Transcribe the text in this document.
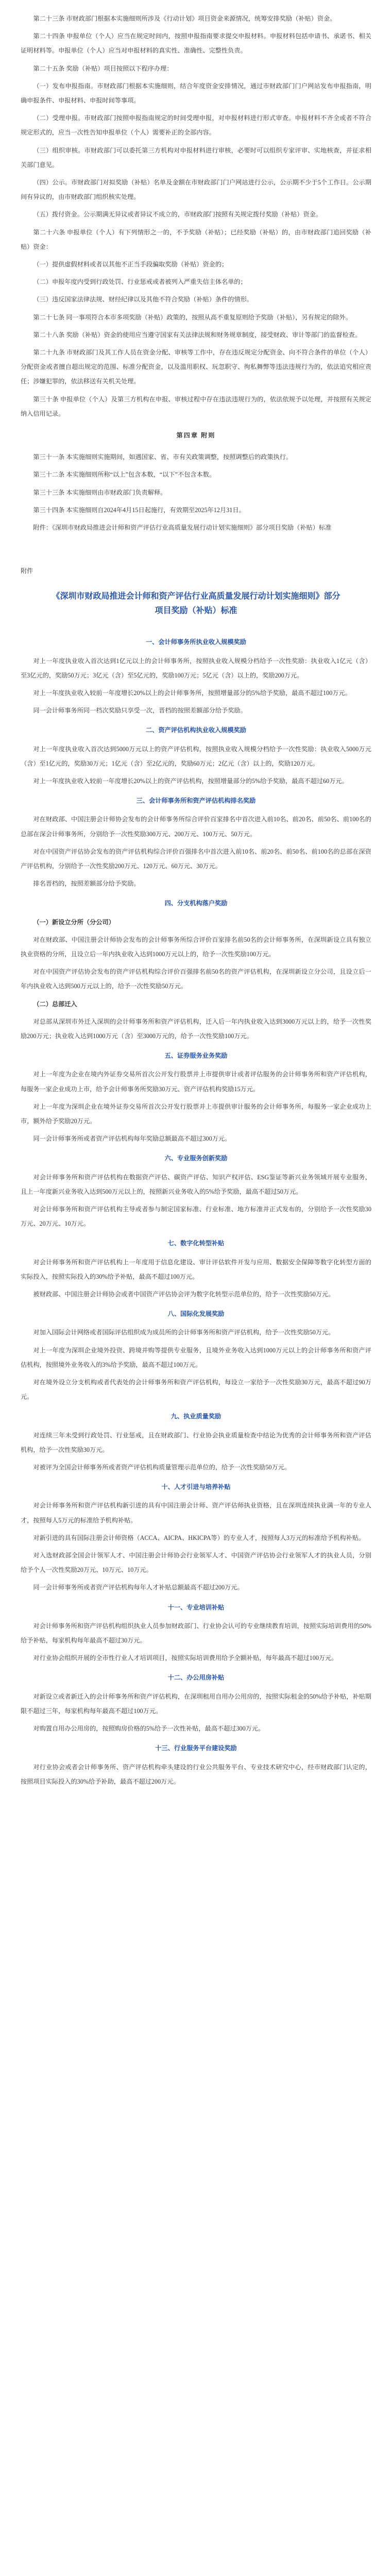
第二十三条 市财政部门根据本实施细则所涉及《行动计划》项目资金来源情况，统筹安排奖励（补贴）资金。

第二十四条 申报单位（个人）应当在规定时间内，按照申报指南要求提交申报材料。申报材料包括申请书、承诺书、相关证明材料等。申报单位（个人）应当对申报材料的真实性、准确性、完整性负责。

第二十五条 奖励（补贴）项目按照以下程序办理：

（一）发布申报指南。市财政部门根据本实施细则，结合年度资金安排情况，通过市财政部门门户网站发布申报指南，明确申报条件、申报材料、申报时间等事项。

（二）受理申报。市财政部门按照申报指南规定的时间受理申报，对申报材料进行形式审查。申报材料不齐全或者不符合规定形式的，应当一次性告知申报单位（个人）需要补正的全部内容。

（三）组织审核。市财政部门可以委托第三方机构对申报材料进行审核，必要时可以组织专家评审、实地核查，并征求相关部门意见。

（四）公示。市财政部门对拟奖励（补贴）名单及金额在市财政部门门户网站进行公示，公示期不少于5个工作日。公示期间有异议的，由市财政部门组织核实处理。

（五）拨付资金。公示期满无异议或者异议不成立的，市财政部门按照有关规定拨付奖励（补贴）资金。

第二十六条 申报单位（个人）有下列情形之一的，不予奖励（补贴）；已经奖励（补贴）的，由市财政部门追回奖励（补贴）资金：

（一）提供虚假材料或者以其他不正当手段骗取奖励（补贴）资金的；

（二）申报年度内受到行政处罚、行业惩戒或者被列入严重失信主体名单的；

（三）违反国家法律法规、财经纪律以及其他不符合奖励（补贴）条件的情形。

第二十七条 同一事项符合本市多项奖励（补贴）政策的，按照从高不重复原则给予奖励（补贴），另有规定的除外。

第二十八条 奖励（补贴）资金的使用应当遵守国家有关法律法规和财务规章制度，接受财政、审计等部门的监督检查。

第二十九条 市财政部门及其工作人员在资金分配、审核等工作中，存在违反规定分配资金、向不符合条件的单位（个人）分配资金或者擅自超出规定的范围、标准分配资金，以及滥用职权、玩忽职守、徇私舞弊等违法违规行为的，依法追究相应责任；涉嫌犯罪的，依法移送有关机关处理。

第三十条 申报单位（个人）及第三方机构在申报、审核过程中存在违法违规行为的，依法依规予以处理，并按照有关规定纳入信用记录。

第四章 附则

第三十一条 本实施细则实施期间，如遇国家、省、市有关政策调整，按照调整后的政策执行。

第三十二条 本实施细则所称“以上”包含本数，“以下”不包含本数。

第三十三条 本实施细则由市财政部门负责解释。

第三十四条 本实施细则自2024年4月15日起施行，有效期至2025年12月31日。

附件：《深圳市财政局推进会计师和资产评估行业高质量发展行动计划实施细则》部分项目奖励（补贴）标准

附件

《深圳市财政局推进会计师和资产评估行业高质量发展行动计划实施细则》部分项目奖励（补贴）标准

一、会计师事务所执业收入规模奖励

对上一年度执业收入首次达到1亿元以上的会计师事务所，按照执业收入规模分档给予一次性奖励：执业收入1亿元（含）至3亿元的，奖励50万元；3亿元（含）至5亿元的，奖励100万元；5亿元（含）以上的，奖励200万元。

对上一年度执业收入较前一年度增长20%以上的会计师事务所，按照增量部分的5%给予奖励，最高不超过100万元。

同一会计师事务所同一档次奖励只享受一次，晋档的按照差额部分给予奖励。

二、资产评估机构执业收入规模奖励

对上一年度执业收入首次达到5000万元以上的资产评估机构，按照执业收入规模分档给予一次性奖励：执业收入5000万元（含）至1亿元的，奖励30万元；1亿元（含）至2亿元的，奖励60万元；2亿元（含）以上的，奖励120万元。

对上一年度执业收入较前一年度增长20%以上的资产评估机构，按照增量部分的5%给予奖励，最高不超过60万元。

三、会计师事务所和资产评估机构排名奖励

对在财政部、中国注册会计师协会发布的会计师事务所综合评价百家排名中首次进入前10名、前20名、前50名、前100名的总部在深会计师事务所，分别给予一次性奖励300万元、200万元、100万元、50万元。

对在中国资产评估协会发布的资产评估机构综合评价百强排名中首次进入前10名、前20名、前50名、前100名的总部在深资产评估机构，分别给予一次性奖励200万元、120万元、60万元、30万元。

排名晋档的，按照差额部分给予奖励。

四、分支机构落户奖励

（一）新设立分所（分公司）

对在财政部、中国注册会计师协会发布的会计师事务所综合评价百家排名前50名的会计师事务所，在深圳新设立具有独立执业资格的分所，且设立后一年内执业收入达到1000万元以上的，给予一次性奖励100万元。

对在中国资产评估协会发布的资产评估机构综合评价百强排名前50名的资产评估机构，在深圳新设立分公司，且设立后一年内执业收入达到500万元以上的，给予一次性奖励50万元。

（二）总部迁入

对总部从深圳市外迁入深圳的会计师事务所和资产评估机构，迁入后一年内执业收入达到3000万元以上的，给予一次性奖励200万元；执业收入达到1000万元（含）至3000万元的，给予一次性奖励100万元。

五、证券服务业务奖励

对上一年度为企业在境内外证券交易所首次公开发行股票并上市提供审计或者评估服务的会计师事务所和资产评估机构，每服务一家企业成功上市，给予会计师事务所奖励30万元、资产评估机构奖励15万元。

对上一年度为深圳企业在境外证券交易所首次公开发行股票并上市提供审计服务的会计师事务所，每服务一家企业成功上市，额外给予奖励20万元。

同一会计师事务所或者资产评估机构每年奖励总额最高不超过300万元。

六、专业服务创新奖励

对会计师事务所和资产评估机构在数据资产评估、碳资产评估、知识产权评估、ESG鉴证等新兴业务领域开展专业服务，且上一年度新兴业务收入达到500万元以上的，按照新兴业务收入的5%给予奖励，最高不超过50万元。

对会计师事务所和资产评估机构主导或者参与制定国家标准、行业标准、地方标准并正式发布的，分别给予一次性奖励30万元、20万元、10万元。

七、数字化转型补贴

对会计师事务所和资产评估机构上一年度用于信息化建设、审计评估软件开发与应用、数据安全保障等数字化转型方面的实际投入，按照实际投入的30%给予补贴，最高不超过100万元。

被财政部、中国注册会计师协会或者中国资产评估协会评为数字化转型示范单位的，给予一次性奖励50万元。

八、国际化发展奖励

对加入国际会计网络或者国际评估组织成为成员所的会计师事务所和资产评估机构，给予一次性奖励50万元。

对上一年度为深圳企业境外投资、跨境并购等提供专业服务，且境外业务收入达到1000万元以上的会计师事务所和资产评估机构，按照境外业务收入的3%给予奖励，最高不超过100万元。

对在境外设立分支机构或者代表处的会计师事务所和资产评估机构，每设立一家给予一次性奖励30万元，最高不超过90万元。

九、执业质量奖励

对连续三年未受到行政处罚、行业惩戒，且在财政部门、行业协会执业质量检查中结论为优秀的会计师事务所和资产评估机构，给予一次性奖励30万元。

对被评为全国会计师事务所或者资产评估机构质量管理示范单位的，给予一次性奖励50万元。

十、人才引进与培养补贴

对会计师事务所和资产评估机构新引进的具有中国注册会计师、资产评估师执业资格，且在深圳连续执业满一年的专业人才，按照每人5万元的标准给予机构补贴。

对新引进的具有国际注册会计师资格（ACCA、AICPA、HKICPA等）的专业人才，按照每人3万元的标准给予机构补贴。

对入选财政部全国会计领军人才、中国注册会计师协会行业领军人才、中国资产评估协会行业领军人才的执业人员，分别给予个人一次性奖励20万元、10万元、10万元。

同一会计师事务所或者资产评估机构每年人才补贴总额最高不超过200万元。

十一、专业培训补贴

对会计师事务所和资产评估机构组织执业人员参加财政部门、行业协会认可的专业继续教育培训，按照实际培训费用的50%给予补贴，每家机构每年最高不超过30万元。

对行业协会组织开展的全市性行业人才培训项目，按照实际培训费用给予全额补贴，每年最高不超过100万元。

十二、办公用房补贴

对新设立或者新迁入的会计师事务所和资产评估机构，在深圳租用自用办公用房的，按照实际租金的50%给予补贴，补贴期限不超过三年，每家机构每年最高不超过100万元。

对购置自用办公用房的，按照购房价格的5%给予一次性补贴，最高不超过300万元。

十三、行业服务平台建设奖励

对行业协会或者会计师事务所、资产评估机构牵头建设的行业公共服务平台、专业技术研究中心，经市财政部门认定的，按照项目实际投入的30%给予补助，最高不超过200万元。
